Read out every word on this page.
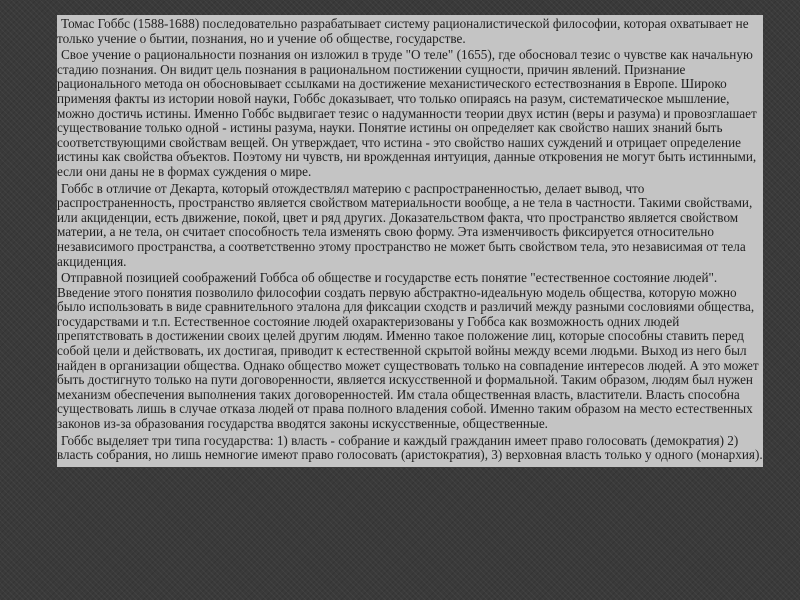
Томас Гоббс (1588-1688) последовательно разрабатывает систему рационалистической философии, которая охватывает не только учение о бытии, познания, но и учение об обществе, государстве.

Свое учение о рациональности познания он изложил в труде "О теле" (1655), где обосновал тезис о чувстве как начальную стадию познания. Он видит цель познания в рациональном постижении сущности, причин явлений. Признание рационального метода он обосновывает ссылками на достижение механистического естествознания в Европе. Широко применяя факты из истории новой науки, Гоббс доказывает, что только опираясь на разум, систематическое мышление, можно достичь истины. Именно Гоббс выдвигает тезис о надуманности теории двух истин (веры и разума) и провозглашает существование только одной - истины разума, науки. Понятие истины он определяет как свойство наших знаний быть соответствующими свойствам вещей. Он утверждает, что истина - это свойство наших суждений и отрицает определение истины как свойства объектов. Поэтому ни чувств, ни врожденная интуиция, данные откровения не могут быть истинными, если они даны не в формах суждения о мире.

Гоббс в отличие от Декарта, который отождествлял материю с распространенностью, делает вывод, что распространенность, пространство является свойством материальности вообще, а не тела в частности. Такими свойствами, или акциденции, есть движение, покой, цвет и ряд других. Доказательством факта, что пространство является свойством материи, а не тела, он считает способность тела изменять свою форму. Эта изменчивость фиксируется относительно независимого пространства, а соответственно этому пространство не может быть свойством тела, это независимая от тела акциденция.

Отправной позицией соображений Гоббса об обществе и государстве есть понятие "естественное состояние людей". Введение этого понятия позволило философии создать первую абстрактно-идеальную модель общества, которую можно было использовать в виде сравнительного эталона для фиксации сходств и различий между разными сословиями общества, государствами и т.п. Естественное состояние людей охарактеризованы у Гоббса как возможность одних людей препятствовать в достижении своих целей другим людям. Именно такое положение лиц, которые способны ставить перед собой цели и действовать, их достигая, приводит к естественной скрытой войны между всеми людьми. Выход из него был найден в организации общества. Однако общество может существовать только на совпадение интересов людей. А это может быть достигнуто только на пути договоренности, является искусственной и формальной. Таким образом, людям был нужен механизм обеспечения выполнения таких договоренностей. Им стала общественная власть, властители. Власть способна существовать лишь в случае отказа людей от права полного владения собой. Именно таким образом на место естественных законов из-за образования государства вводятся законы искусственные, общественные.

Гоббс выделяет три типа государства: 1) власть - собрание и каждый гражданин имеет право голосовать (демократия) 2) власть собрания, но лишь немногие имеют право голосовать (аристократия), 3) верховная власть только у одного (монархия).
